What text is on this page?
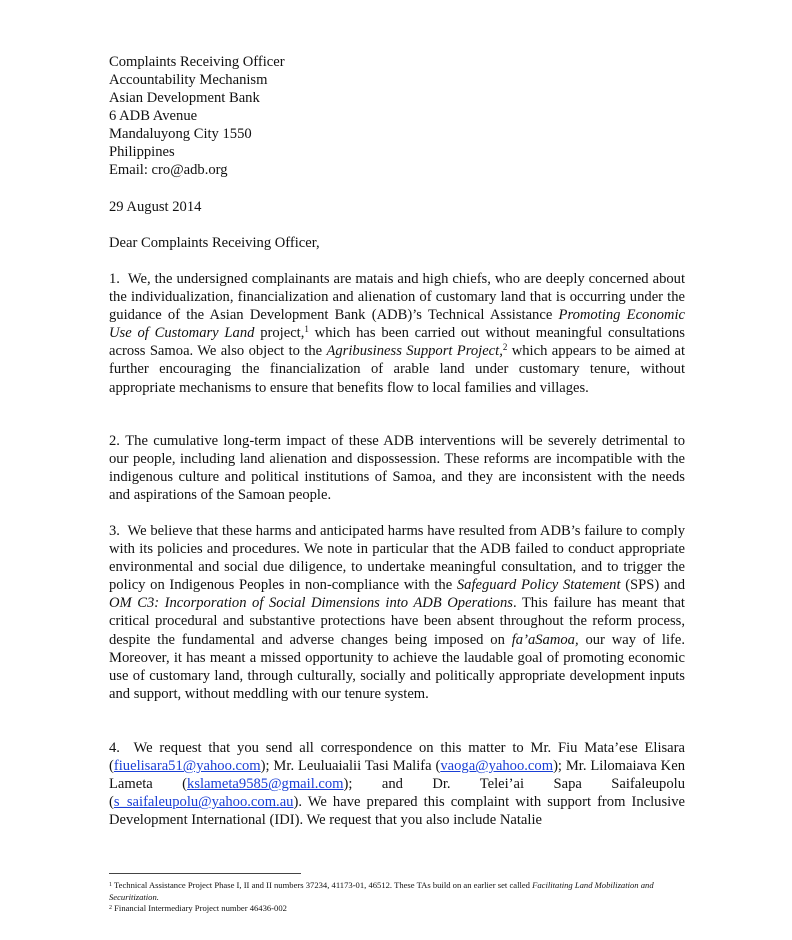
Complaints Receiving Officer
Accountability Mechanism
Asian Development Bank
6 ADB Avenue
Mandaluyong City 1550
Philippines
Email: cro@adb.org
29 August 2014
Dear Complaints Receiving Officer,

1. We, the undersigned complainants are matais and high chiefs, who are deeply concerned about the individualization, financialization and alienation of customary land that is occurring under the guidance of the Asian Development Bank (ADB)’s Technical Assistance Promoting Economic Use of Customary Land project,$^1$ which has been carried out without meaningful consultations across Samoa. We also object to the Agribusiness Support Project,$^2$ which appears to be aimed at further encouraging the financialization of arable land under customary tenure, without appropriate mechanisms to ensure that benefits flow to local families and villages.

2. The cumulative long-term impact of these ADB interventions will be severely detrimental to our people, including land alienation and dispossession. These reforms are incompatible with the indigenous culture and political institutions of Samoa, and they are inconsistent with the needs and aspirations of the Samoan people.

3. We believe that these harms and anticipated harms have resulted from ADB’s failure to comply with its policies and procedures. We note in particular that the ADB failed to conduct appropriate environmental and social due diligence, to undertake meaningful consultation, and to trigger the policy on Indigenous Peoples in non-compliance with the Safeguard Policy Statement (SPS) and OM C3: Incorporation of Social Dimensions into ADB Operations. This failure has meant that critical procedural and substantive protections have been absent throughout the reform process, despite the fundamental and adverse changes being imposed on fa’aSamoa, our way of life. Moreover, it has meant a missed opportunity to achieve the laudable goal of promoting economic use of customary land, through culturally, socially and politically appropriate development inputs and support, without meddling with our tenure system.

4. We request that you send all correspondence on this matter to Mr. Fiu Mata’ese Elisara (fiuelisara51@yahoo.com); Mr. Leuluaialii Tasi Malifa (vaoga@yahoo.com); Mr. Lilomaiava Ken Lameta (kslameta9585@gmail.com); and Dr. Telei’ai Sapa Saifaleupolu (s_saifaleupolu@yahoo.com.au). We have prepared this complaint with support from Inclusive Development International (IDI). We request that you also include Natalie

$^1$ Technical Assistance Project Phase I, II and II numbers 37234, 41173-01, 46512. These TAs build on an earlier set called Facilitating Land Mobilization and Securitization.
$^2$ Financial Intermediary Project number 46436-002
